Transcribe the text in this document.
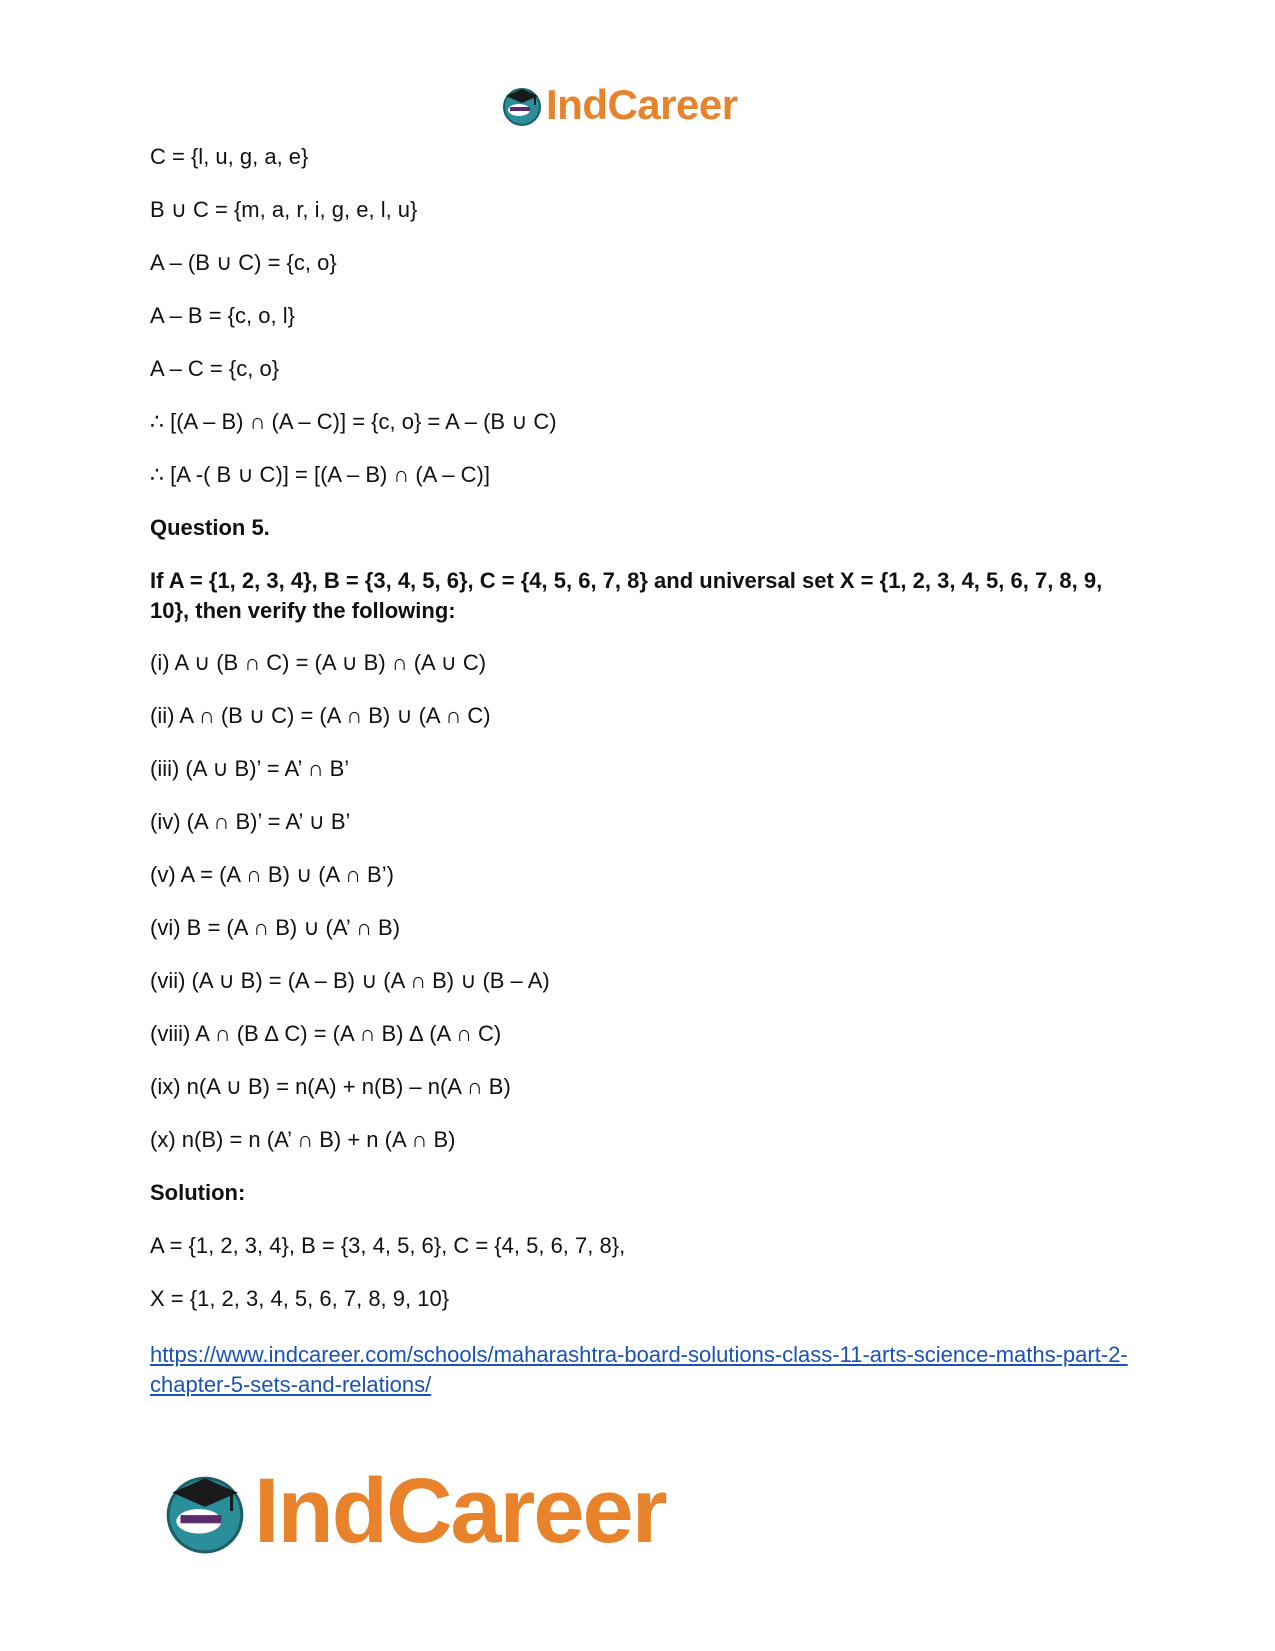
IndCareer
C = {l, u, g, a, e}
B ∪ C = {m, a, r, i, g, e, l, u}
A – (B ∪ C) = {c, o}
A – B = {c, o, l}
A – C = {c, o}
∴ [(A – B) ∩ (A – C)] = {c, o} = A – (B ∪ C)
∴ [A -( B ∪ C)] = [(A – B) ∩ (A – C)]
Question 5.
If A = {1, 2, 3, 4}, B = {3, 4, 5, 6}, C = {4, 5, 6, 7, 8} and universal set X = {1, 2, 3, 4, 5, 6, 7, 8, 9, 10}, then verify the following:
(i) A ∪ (B ∩ C) = (A ∪ B) ∩ (A ∪ C)
(ii) A ∩ (B ∪ C) = (A ∩ B) ∪ (A ∩ C)
(iii) (A ∪ B)’ = A’ ∩ B’
(iv) (A ∩ B)’ = A’ ∪ B’
(v) A = (A ∩ B) ∪ (A ∩ B’)
(vi) B = (A ∩ B) ∪ (A’ ∩ B)
(vii) (A ∪ B) = (A – B) ∪ (A ∩ B) ∪ (B – A)
(viii) A ∩ (B ∆ C) = (A ∩ B) ∆ (A ∩ C)
(ix) n(A ∪ B) = n(A) + n(B) – n(A ∩ B)
(x) n(B) = n (A’ ∩ B) + n (A ∩ B)
Solution:
A = {1, 2, 3, 4}, B = {3, 4, 5, 6}, C = {4, 5, 6, 7, 8},
X = {1, 2, 3, 4, 5, 6, 7, 8, 9, 10}
https://www.indcareer.com/schools/maharashtra-board-solutions-class-11-arts-science-maths-part-2-chapter-5-sets-and-relations/
IndCareer
